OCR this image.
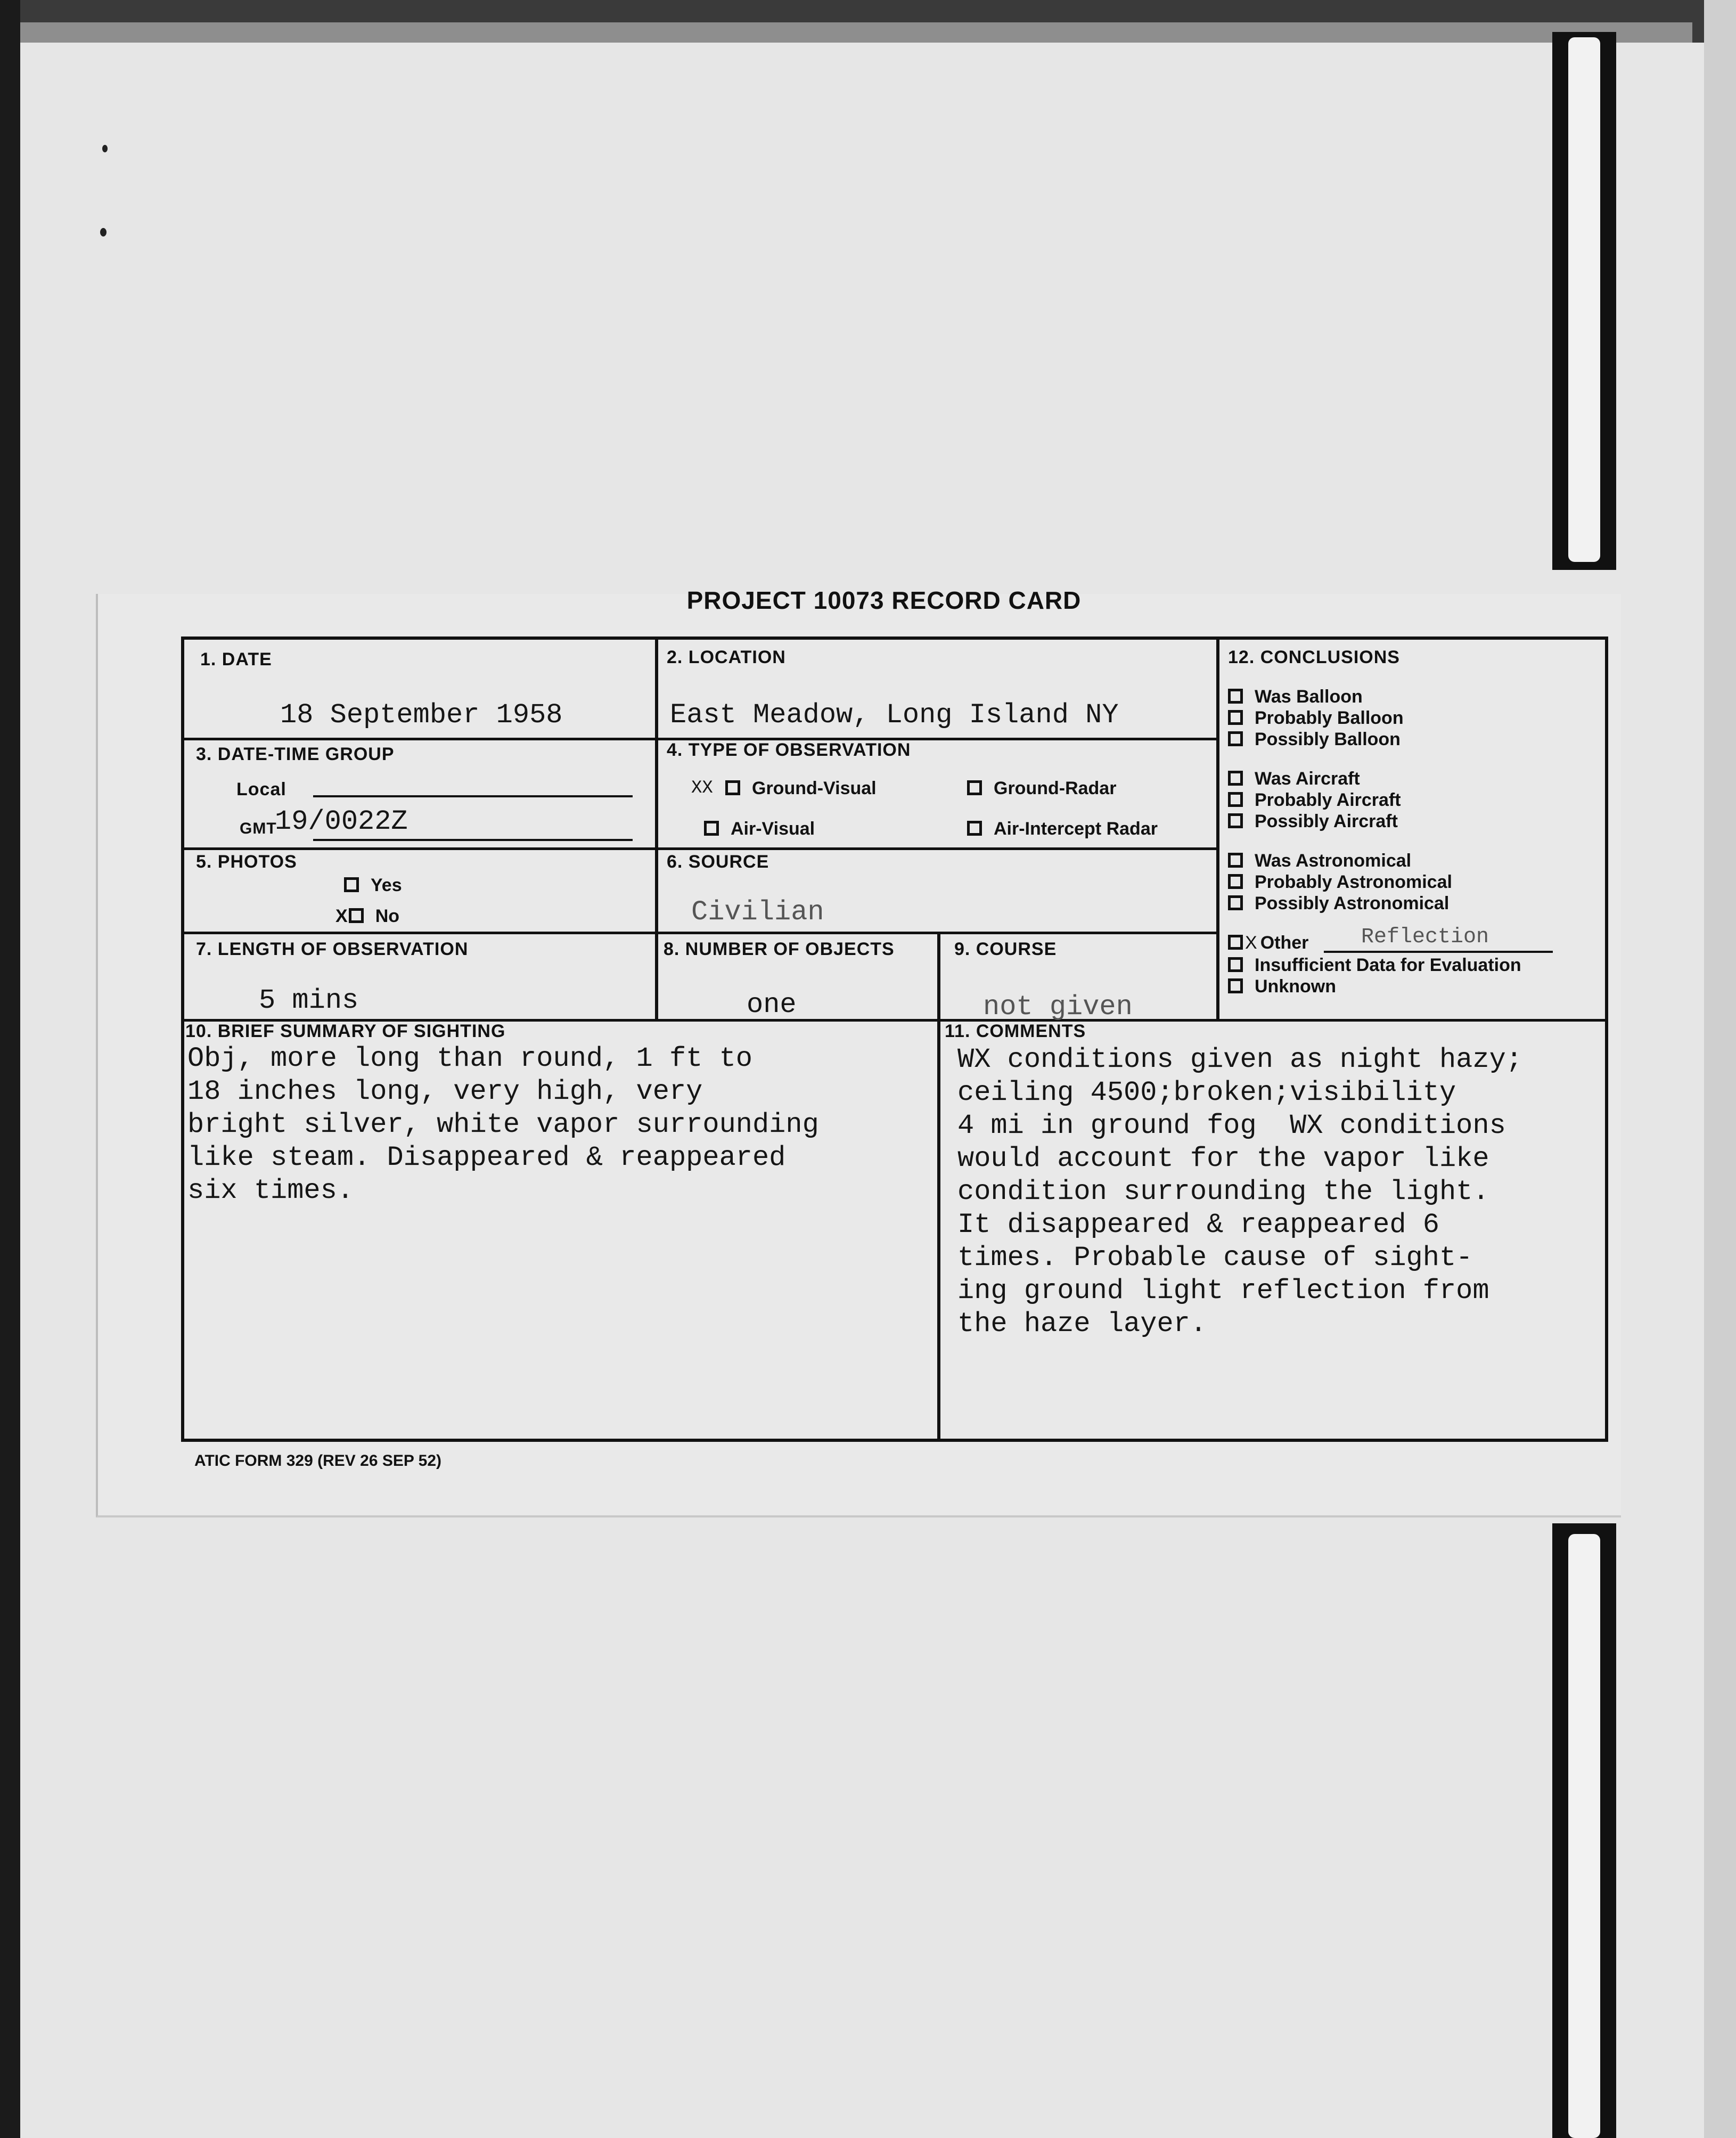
PROJECT 10073 RECORD CARD
1. DATE
18 September 1958
2. LOCATION
East Meadow, Long Island NY
3. DATE-TIME GROUP
Local
GMT
19/0022Z
4. TYPE OF OBSERVATION
XX	Ground-Visual	Ground-Radar
Air-Visual	Air-Intercept Radar
5. PHOTOS
Yes
X No
6. SOURCE
Civilian
7. LENGTH OF OBSERVATION
5 mins
8. NUMBER OF OBJECTS
one
9. COURSE
not given
10. BRIEF SUMMARY OF SIGHTING
Obj, more long than round, 1 ft to
18 inches long, very high, very
bright silver, white vapor surrounding
like steam. Disappeared & reappeared
six times.
11. COMMENTS
WX conditions given as night hazy;
ceiling 4500;broken;visibility
4 mi in ground fog  WX conditions
would account for the vapor like
condition surrounding the light.
It disappeared & reappeared 6
times. Probable cause of sight-
ing ground light reflection from
the haze layer.
12. CONCLUSIONS
Was Balloon
Probably Balloon
Possibly Balloon
Was Aircraft
Probably Aircraft
Possibly Aircraft
Was Astronomical
Probably Astronomical
Possibly Astronomical
X Other Reflection
Insufficient Data for Evaluation
Unknown
ATIC FORM 329 (REV 26 SEP 52)
